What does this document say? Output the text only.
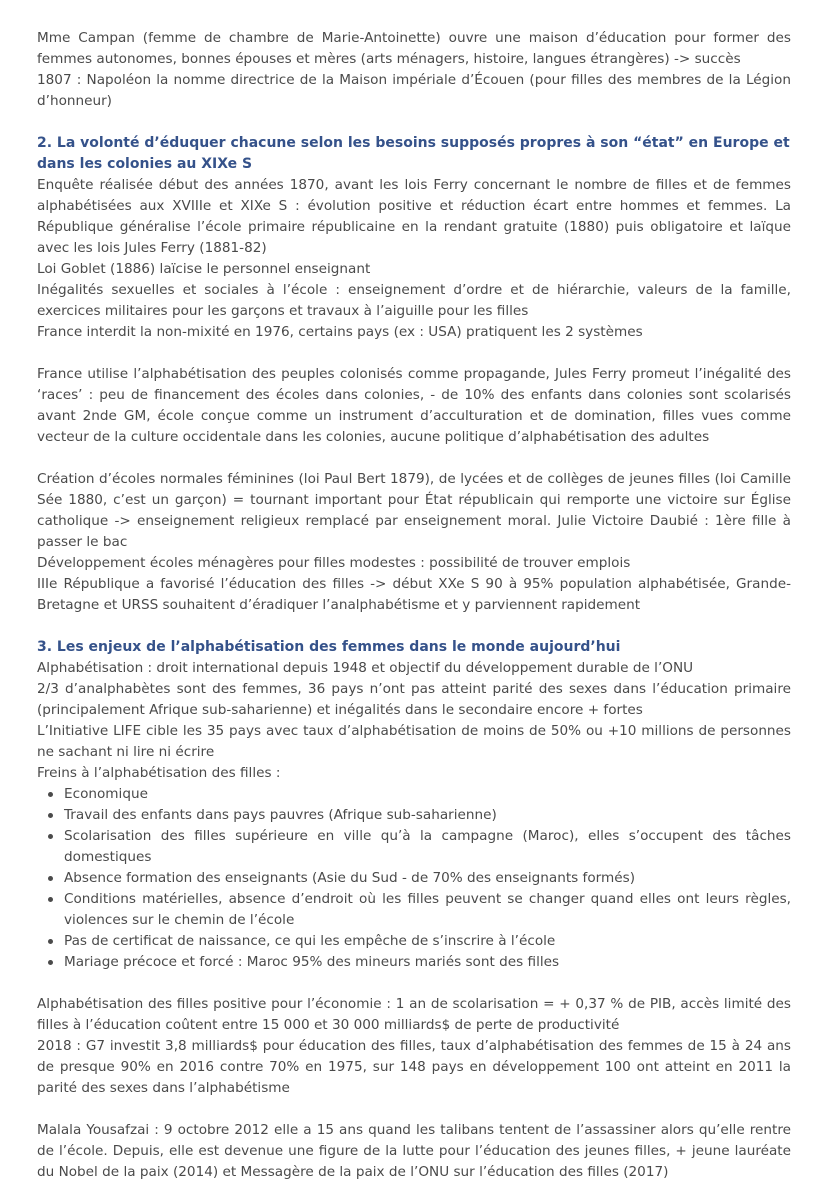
Mme Campan (femme de chambre de Marie-Antoinette) ouvre une maison d’éducation pour former des femmes autonomes, bonnes épouses et mères (arts ménagers, histoire, langues étrangères) -> succès

1807 : Napoléon la nomme directrice de la Maison impériale d’Écouen (pour filles des membres de la Légion d’honneur)

2. La volonté d’éduquer chacune selon les besoins supposés propres à son “état” en Europe et dans les colonies au XIXe S

Enquête réalisée début des années 1870, avant les lois Ferry concernant le nombre de filles et de femmes alphabétisées aux XVIIIe et XIXe S : évolution positive et réduction écart entre hommes et femmes. La République généralise l’école primaire républicaine en la rendant gratuite (1880) puis obligatoire et laïque avec les lois Jules Ferry (1881-82)

Loi Goblet (1886) laïcise le personnel enseignant

Inégalités sexuelles et sociales à l’école : enseignement d’ordre et de hiérarchie, valeurs de la famille, exercices militaires pour les garçons et travaux à l’aiguille pour les filles

France interdit la non-mixité en 1976, certains pays (ex : USA) pratiquent les 2 systèmes

France utilise l’alphabétisation des peuples colonisés comme propagande, Jules Ferry promeut l’inégalité des ‘races’ : peu de financement des écoles dans colonies, - de 10% des enfants dans colonies sont scolarisés avant 2nde GM, école conçue comme un instrument d’acculturation et de domination, filles vues comme vecteur de la culture occidentale dans les colonies, aucune politique d’alphabétisation des adultes

Création d’écoles normales féminines (loi Paul Bert 1879), de lycées et de collèges de jeunes filles (loi Camille Sée 1880, c’est un garçon) = tournant important pour État républicain qui remporte une victoire sur Église catholique -> enseignement religieux remplacé par enseignement moral. Julie Victoire Daubié : 1ère fille à passer le bac

Développement écoles ménagères pour filles modestes : possibilité de trouver emplois

IIIe République a favorisé l’éducation des filles -> début XXe S 90 à 95% population alphabétisée, Grande-Bretagne et URSS souhaitent d’éradiquer l’analphabétisme et y parviennent rapidement

3. Les enjeux de l’alphabétisation des femmes dans le monde aujourd’hui

Alphabétisation : droit international depuis 1948 et objectif du développement durable de l’ONU

2/3 d’analphabètes sont des femmes, 36 pays n’ont pas atteint parité des sexes dans l’éducation primaire (principalement Afrique sub-saharienne) et inégalités dans le secondaire encore + fortes

L’Initiative LIFE cible les 35 pays avec taux d’alphabétisation de moins de 50% ou +10 millions de personnes ne sachant ni lire ni écrire

Freins à l’alphabétisation des filles :

Economique
Travail des enfants dans pays pauvres (Afrique sub-saharienne)
Scolarisation des filles supérieure en ville qu’à la campagne (Maroc), elles s’occupent des tâches domestiques
Absence formation des enseignants (Asie du Sud - de 70% des enseignants formés)
Conditions matérielles, absence d’endroit où les filles peuvent se changer quand elles ont leurs règles, violences sur le chemin de l’école
Pas de certificat de naissance, ce qui les empêche de s’inscrire à l’école
Mariage précoce et forcé : Maroc 95% des mineurs mariés sont des filles

Alphabétisation des filles positive pour l’économie : 1 an de scolarisation = + 0,37 % de PIB, accès limité des filles à l’éducation coûtent entre 15 000 et 30 000 milliards$ de perte de productivité

2018 : G7 investit 3,8 milliards$ pour éducation des filles, taux d’alphabétisation des femmes de 15 à 24 ans de presque 90% en 2016 contre 70% en 1975, sur 148 pays en développement 100 ont atteint en 2011 la parité des sexes dans l’alphabétisme

Malala Yousafzai : 9 octobre 2012 elle a 15 ans quand les talibans tentent de l’assassiner alors qu’elle rentre de l’école. Depuis, elle est devenue une figure de la lutte pour l’éducation des jeunes filles, + jeune lauréate du Nobel de la paix (2014) et Messagère de la paix de l’ONU sur l’éducation des filles (2017)
